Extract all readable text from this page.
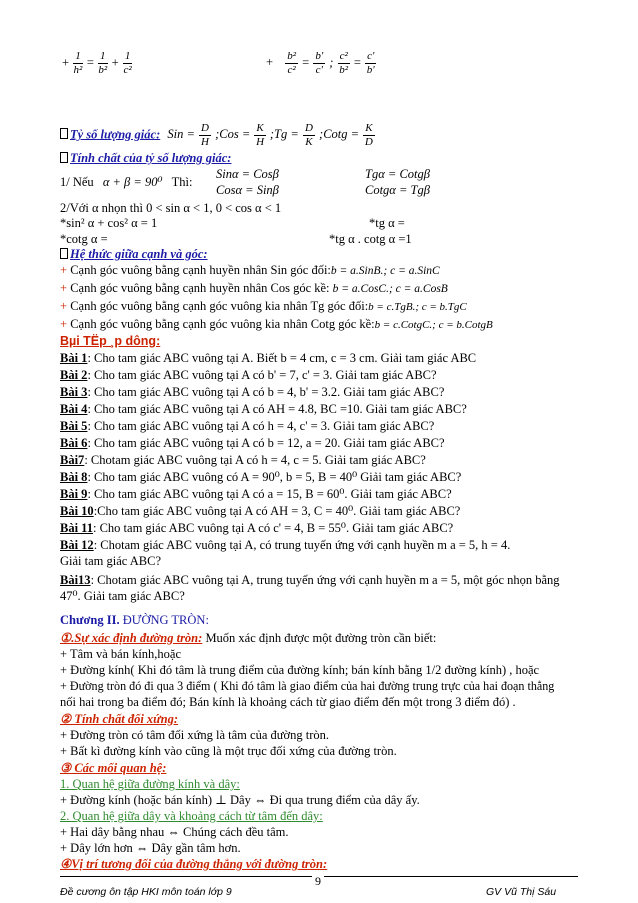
+ $\frac{1}{\text{h²}} = \frac{1}{\text{b²}} + \frac{1}{\text{c²}}$	+ $\frac{\text{b²}}{\text{c²}} = \frac{b'}{c'}$ ; $\frac{\text{c²}}{\text{b²}} = \frac{c'}{b'}$
Tỷ số lượng giác: Sin = $\frac{D}{H}$ ;Cos = $\frac{K}{H}$ ;Tg = $\frac{D}{K}$ ;Cotg = $\frac{K}{D}$
Tính chất của tỷ số lượng giác:
Sinα = Cosβ	Tgα = Cotgβ
1/ Nếu α + β = 90⁰ Thì:
Cosα = Sinβ	Cotgα = Tgβ
2/Với α nhọn thì 0 < sin α < 1, 0 < cos α < 1
*sin² α + cos² α = 1	*tg α =
*cotg α =	*tg α . cotg α =1
Hệ thức giữa cạnh và góc:
+ Cạnh góc vuông bằng cạnh huyền nhân Sin góc đối:b = a.SinB.; c = a.SinC
+ Cạnh góc vuông bằng cạnh huyền nhân Cos góc kề: b = a.CosC.; c = a.CosB
+ Cạnh góc vuông bằng cạnh góc vuông kia nhân Tg góc đối:b = c.TgB.; c = b.TgC
+ Cạnh góc vuông bằng cạnh góc vuông kia nhân Cotg góc kề:b = c.CotgC.; c = b.CotgB
Bµi TËp ¸p dông:
Bài 1: Cho tam giác ABC vuông tại A. Biết b = 4 cm, c = 3 cm. Giải tam giác ABC
Bài 2: Cho tam giác ABC vuông tại A có b' = 7, c' = 3. Giải tam giác ABC?
Bài 3: Cho tam giác ABC vuông tại A có b = 4, b' = 3.2. Giải tam giác ABC?
Bài 4: Cho tam giác ABC vuông tại A có AH = 4.8, BC =10. Giải tam giác ABC?
Bài 5: Cho tam giác ABC vuông tại A có h = 4, c' = 3. Giải tam giác ABC?
Bài 6: Cho tam giác ABC vuông tại A có b = 12, a = 20. Giải tam giác ABC?
Bài7: Chotam giác ABC vuông tại A có h = 4, c = 5. Giải tam giác ABC?
Bài 8: Cho tam giác ABC vuông có A = 90⁰, b = 5, B = 40⁰ Giải tam giác ABC?
Bài 9: Cho tam giác ABC vuông tại A có a = 15, B = 60⁰. Giải tam giác ABC?
Bài 10:Cho tam giác ABC vuông tại A có AH = 3, C = 40⁰. Giải tam giác ABC?
Bài 11: Cho tam giác ABC vuông tại A có c' = 4, B = 55⁰. Giải tam giác ABC?
Bài 12: Chotam giác ABC vuông tại A, có trung tuyến ứng với cạnh huyền m a = 5, h = 4.
Giải tam giác ABC?
Bài13: Chotam giác ABC vuông tại A, trung tuyến ứng với cạnh huyền m a = 5, một góc nhọn bằng
47⁰. Giải tam giác ABC?
Chương II. ĐƯỜNG TRÒN:
①.Sự xác định đường tròn: Muốn xác định được một đường tròn cần biết:
+ Tâm và bán kính,hoặc
+ Đường kính( Khi đó tâm là trung điểm của đường kính; bán kính bằng 1/2 đường kính) , hoặc
+ Đường tròn đó đi qua 3 điểm ( Khi đó tâm là giao điểm của hai đường trung trực của hai đoạn thẳng
nối hai trong ba điểm đó; Bán kính là khoảng cách từ giao điểm đến một trong 3 điểm đó) .
② Tính chất đối xứng:
+ Đường tròn có tâm đối xứng là tâm của đường tròn.
+ Bất kì đường kính vào cũng là một trục đối xứng của đường tròn.
③ Các mối quan hệ:
1. Quan hệ giữa đường kính và dây:
+ Đường kính (hoặc bán kính) ⊥ Dây ⇔ Đi qua trung điểm của dây ấy.
2. Quan hệ giữa dây và khoảng cách từ tâm đến dây:
+ Hai dây bằng nhau ⇔ Chúng cách đều tâm.
+ Dây lớn hơn ⇔ Dây gần tâm hơn.
④Vị trí tương đối của đường thẳng với đường tròn:
9
Đề cương ôn tập HKI môn toán lớp 9	GV Vũ Thị Sáu
